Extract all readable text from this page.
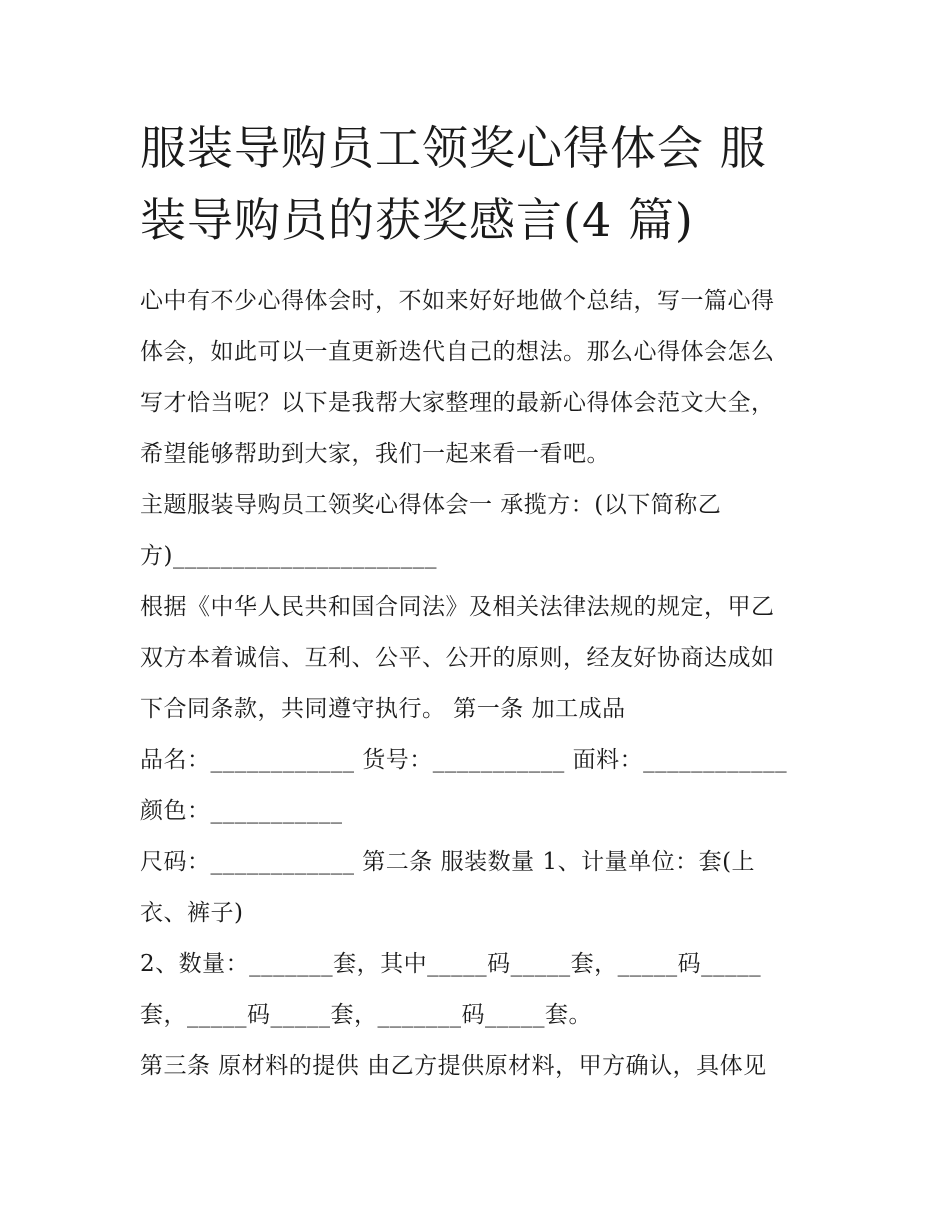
服装导购员工领奖心得体会 服
装导购员的获奖感言(4 篇)

心中有不少心得体会时，不如来好好地做个总结，写一篇心得
体会，如此可以一直更新迭代自己的想法。那么心得体会怎么
写才恰当呢？以下是我帮大家整理的最新心得体会范文大全，
希望能够帮助到大家，我们一起来看一看吧。

主题服装导购员工领奖心得体会一 承揽方：(以下简称乙
方)______________________

根据《中华人民共和国合同法》及相关法律法规的规定，甲乙
双方本着诚信、互利、公平、公开的原则，经友好协商达成如
下合同条款，共同遵守执行。 第一条 加工成品

品名：____________ 货号：___________ 面料：____________
颜色：___________

尺码：____________ 第二条 服装数量 1、计量单位：套(上
衣、裤子)

2、数量：_______套，其中_____码_____套，_____码_____
套，_____码_____套，_______码_____套。

第三条 原材料的提供 由乙方提供原材料，甲方确认，具体见
